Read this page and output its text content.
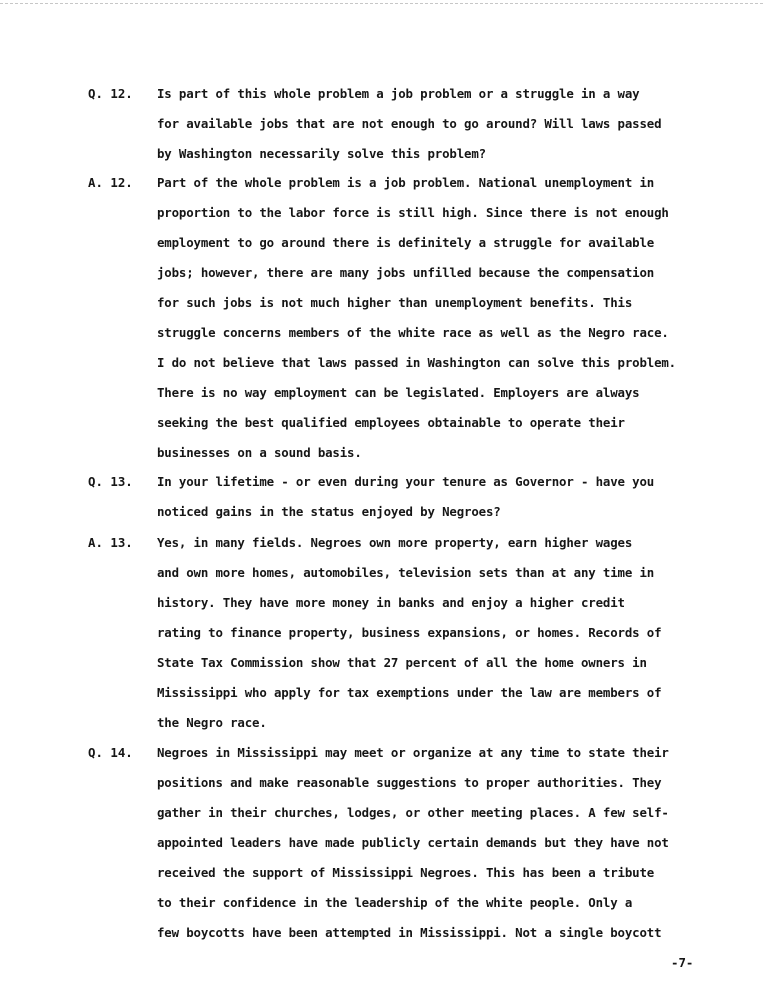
Q. 12.	Is part of this whole problem a job problem or a struggle in a way
for available jobs that are not enough to go around? Will laws passed
by Washington necessarily solve this problem?
A. 12.	Part of the whole problem is a job problem. National unemployment in
proportion to the labor force is still high. Since there is not enough
employment to go around there is definitely a struggle for available
jobs; however, there are many jobs unfilled because the compensation
for such jobs is not much higher than unemployment benefits. This
struggle concerns members of the white race as well as the Negro race.
I do not believe that laws passed in Washington can solve this problem.
There is no way employment can be legislated. Employers are always
seeking the best qualified employees obtainable to operate their
businesses on a sound basis.
Q. 13.	In your lifetime - or even during your tenure as Governor - have you
noticed gains in the status enjoyed by Negroes?
A. 13.	Yes, in many fields. Negroes own more property, earn higher wages
and own more homes, automobiles, television sets than at any time in
history. They have more money in banks and enjoy a higher credit
rating to finance property, business expansions, or homes. Records of
State Tax Commission show that 27 percent of all the home owners in
Mississippi who apply for tax exemptions under the law are members of
the Negro race.
Q. 14.	Negroes in Mississippi may meet or organize at any time to state their
positions and make reasonable suggestions to proper authorities. They
gather in their churches, lodges, or other meeting places. A few self-
appointed leaders have made publicly certain demands but they have not
received the support of Mississippi Negroes. This has been a tribute
to their confidence in the leadership of the white people. Only a
few boycotts have been attempted in Mississippi. Not a single boycott
-7-
